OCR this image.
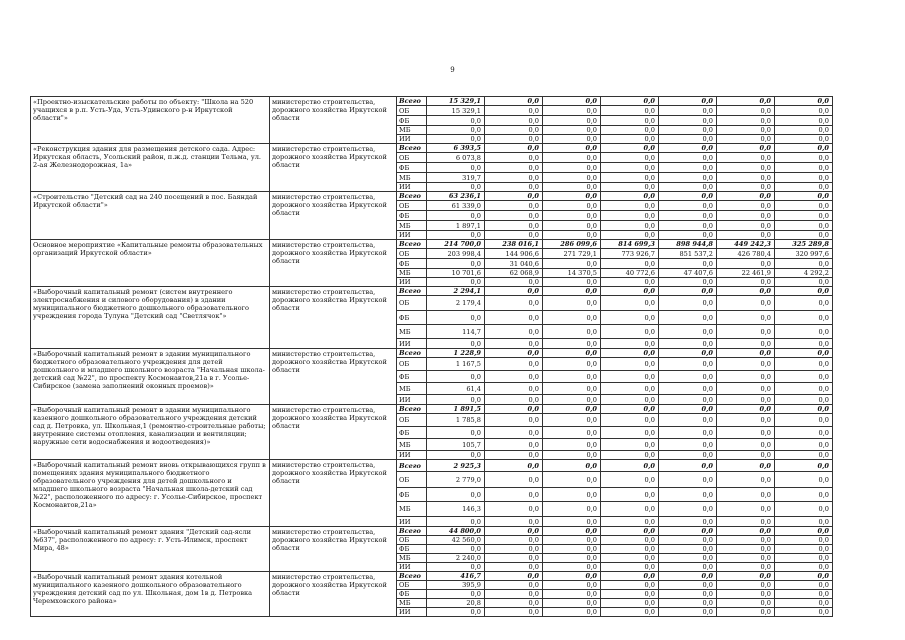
9
«Проектно-изыскательские работы по объекту: "Школа на 520 учащихся в р.п. Усть-Уда, Усть-Удинского р-н Иркутской области"»	министерство строительства, дорожного хозяйства Иркутской области	Всего	15 329,1	0,0	0,0	0,0	0,0	0,0	0,0
		ОБ	15 329,1	0,0	0,0	0,0	0,0	0,0	0,0
		ФБ	0,0	0,0	0,0	0,0	0,0	0,0	0,0
		МБ	0,0	0,0	0,0	0,0	0,0	0,0	0,0
		ИИ	0,0	0,0	0,0	0,0	0,0	0,0	0,0
«Реконструкция здания для размещения детского сада. Адрес: Иркутская область, Усольский район, п.ж.д. станции Тельма, ул. 2-ая Железнодорожная, 1а»	министерство строительства, дорожного хозяйства Иркутской области	Всего	6 393,5	0,0	0,0	0,0	0,0	0,0	0,0
		ОБ	6 073,8	0,0	0,0	0,0	0,0	0,0	0,0
		ФБ	0,0	0,0	0,0	0,0	0,0	0,0	0,0
		МБ	319,7	0,0	0,0	0,0	0,0	0,0	0,0
		ИИ	0,0	0,0	0,0	0,0	0,0	0,0	0,0
«Строительство "Детский сад на 240 посещений в пос. Баяндай Иркутской области"»	министерство строительства, дорожного хозяйства Иркутской области	Всего	63 236,1	0,0	0,0	0,0	0,0	0,0	0,0
		ОБ	61 339,0	0,0	0,0	0,0	0,0	0,0	0,0
		ФБ	0,0	0,0	0,0	0,0	0,0	0,0	0,0
		МБ	1 897,1	0,0	0,0	0,0	0,0	0,0	0,0
		ИИ	0,0	0,0	0,0	0,0	0,0	0,0	0,0
Основное мероприятие «Капитальные ремонты образовательных организаций Иркутской области»	министерство строительства, дорожного хозяйства Иркутской области	Всего	214 700,0	238 016,1	286 099,6	814 699,3	898 944,8	449 242,3	325 289,8
		ОБ	203 998,4	144 906,6	271 729,1	773 926,7	851 537,2	426 780,4	320 997,6
		ФБ	0,0	31 040,6	0,0	0,0	0,0	0,0	0,0
		МБ	10 701,6	62 068,9	14 370,5	40 772,6	47 407,6	22 461,9	4 292,2
		ИИ	0,0	0,0	0,0	0,0	0,0	0,0	0,0
«Выборочный капитальный ремонт (систем внутреннего электроснабжения и силового оборудования) в здании муниципального бюджетного дошкольного образовательного учреждения города Тулуна "Детский сад "Светлячок"»	министерство строительства, дорожного хозяйства Иркутской области	Всего	2 294,1	0,0	0,0	0,0	0,0	0,0	0,0
		ОБ	2 179,4	0,0	0,0	0,0	0,0	0,0	0,0
		ФБ	0,0	0,0	0,0	0,0	0,0	0,0	0,0
		МБ	114,7	0,0	0,0	0,0	0,0	0,0	0,0
		ИИ	0,0	0,0	0,0	0,0	0,0	0,0	0,0
«Выборочный капитальный ремонт в здании муниципального бюджетного образовательного учреждения для детей дошкольного и младшего школьного возраста "Начальная школа-детский сад №22", по проспекту Космонавтов,21а в г. Усолье-Сибирское (замена заполнений оконных проемов)»	министерство строительства, дорожного хозяйства Иркутской области	Всего	1 228,9	0,0	0,0	0,0	0,0	0,0	0,0
		ОБ	1 167,5	0,0	0,0	0,0	0,0	0,0	0,0
		ФБ	0,0	0,0	0,0	0,0	0,0	0,0	0,0
		МБ	61,4	0,0	0,0	0,0	0,0	0,0	0,0
		ИИ	0,0	0,0	0,0	0,0	0,0	0,0	0,0
«Выборочный капитальный ремонт в здании муниципального казенного дошкольного образовательного учреждения детский сад д. Петровка, ул. Школьная,1 (ремонтно-строительные работы; внутренние системы отопления, канализации и вентиляции; наружные сети водоснабжения и водоотведения)»	министерство строительства, дорожного хозяйства Иркутской области	Всего	1 891,5	0,0	0,0	0,0	0,0	0,0	0,0
		ОБ	1 785,8	0,0	0,0	0,0	0,0	0,0	0,0
		ФБ	0,0	0,0	0,0	0,0	0,0	0,0	0,0
		МБ	105,7	0,0	0,0	0,0	0,0	0,0	0,0
		ИИ	0,0	0,0	0,0	0,0	0,0	0,0	0,0
«Выборочный капитальный ремонт вновь открывающихся групп в помещениях здания муниципального бюджетного образовательного учреждения для детей дошкольного и младшего школьного возраста "Начальная школа-детский сад №22", расположенного по адресу: г. Усолье-Сибирское, проспект Космонавтов,21а»	министерство строительства, дорожного хозяйства Иркутской области	Всего	2 925,3	0,0	0,0	0,0	0,0	0,0	0,0
		ОБ	2 779,0	0,0	0,0	0,0	0,0	0,0	0,0
		ФБ	0,0	0,0	0,0	0,0	0,0	0,0	0,0
		МБ	146,3	0,0	0,0	0,0	0,0	0,0	0,0
		ИИ	0,0	0,0	0,0	0,0	0,0	0,0	0,0
«Выборочный капитальный ремонт здания "Детский сад-ясли №637", расположенного по адресу: г. Усть-Илимск, проспект Мира, 48»	министерство строительства, дорожного хозяйства Иркутской области	Всего	44 800,0	0,0	0,0	0,0	0,0	0,0	0,0
		ОБ	42 560,0	0,0	0,0	0,0	0,0	0,0	0,0
		ФБ	0,0	0,0	0,0	0,0	0,0	0,0	0,0
		МБ	2 240,0	0,0	0,0	0,0	0,0	0,0	0,0
		ИИ	0,0	0,0	0,0	0,0	0,0	0,0	0,0
«Выборочный капитальный ремонт здания котельной муниципального казенного дошкольного образовательного учреждения детский сад по ул. Школьная, дом 1в д. Петровка Черемховского района»	министерство строительства, дорожного хозяйства Иркутской области	Всего	416,7	0,0	0,0	0,0	0,0	0,0	0,0
		ОБ	395,9	0,0	0,0	0,0	0,0	0,0	0,0
		ФБ	0,0	0,0	0,0	0,0	0,0	0,0	0,0
		МБ	20,8	0,0	0,0	0,0	0,0	0,0	0,0
		ИИ	0,0	0,0	0,0	0,0	0,0	0,0	0,0
